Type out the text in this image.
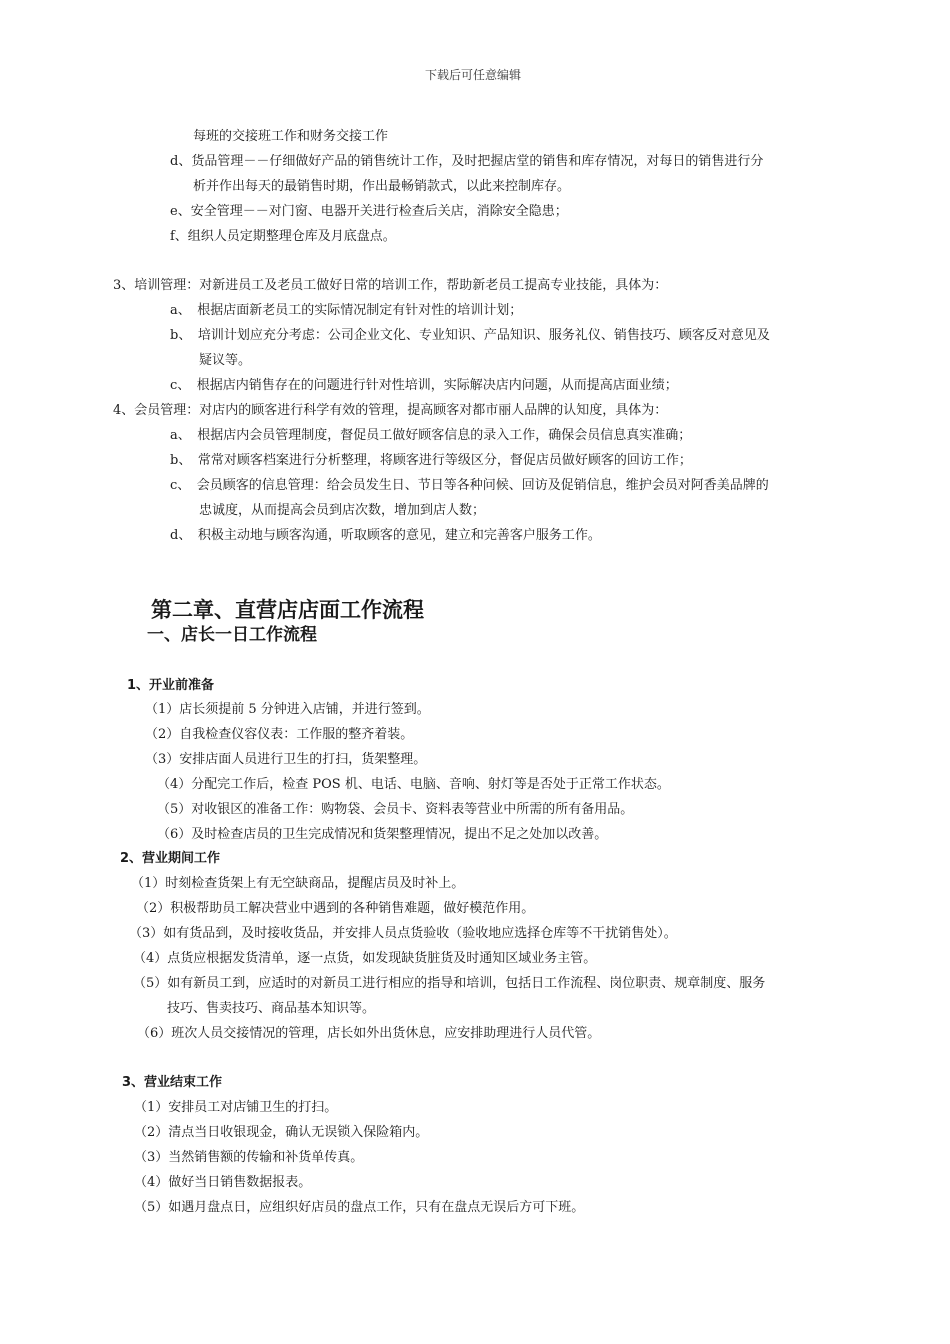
下载后可任意编辑
每班的交接班工作和财务交接工作
d、货品管理－－仔细做好产品的销售统计工作，及时把握店堂的销售和库存情况，对每日的销售进行分
析并作出每天的最销售时期，作出最畅销款式，以此来控制库存。
e、安全管理－－对门窗、电器开关进行检查后关店，消除安全隐患；
f、组织人员定期整理仓库及月底盘点。
3、培训管理：对新进员工及老员工做好日常的培训工作，帮助新老员工提高专业技能，具体为：
a、　根据店面新老员工的实际情况制定有针对性的培训计划；
b、　培训计划应充分考虑：公司企业文化、专业知识、产品知识、服务礼仪、销售技巧、顾客反对意见及
疑议等。
c、　根据店内销售存在的问题进行针对性培训，实际解决店内问题，从而提高店面业绩；
4、会员管理：对店内的顾客进行科学有效的管理，提高顾客对都市丽人品牌的认知度，具体为：
a、　根据店内会员管理制度，督促员工做好顾客信息的录入工作，确保会员信息真实准确；
b、　常常对顾客档案进行分析整理，将顾客进行等级区分，督促店员做好顾客的回访工作；
c、　会员顾客的信息管理：给会员发生日、节日等各种问候、回访及促销信息，维护会员对阿香美品牌的
忠诚度，从而提高会员到店次数，增加到店人数；
d、　积极主动地与顾客沟通，听取顾客的意见，建立和完善客户服务工作。
第二章、直营店店面工作流程
一、店长一日工作流程
1、开业前准备
（1）店长须提前 5 分钟进入店铺，并进行签到。
（2）自我检查仪容仪表：工作服的整齐着装。
（3）安排店面人员进行卫生的打扫，货架整理。
（4）分配完工作后，检查 POS 机、电话、电脑、音响、射灯等是否处于正常工作状态。
（5）对收银区的准备工作：购物袋、会员卡、资料表等营业中所需的所有备用品。
（6）及时检查店员的卫生完成情况和货架整理情况，提出不足之处加以改善。
2、营业期间工作
（1）时刻检查货架上有无空缺商品，提醒店员及时补上。
（2）积极帮助员工解决营业中遇到的各种销售难题，做好模范作用。
（3）如有货品到，及时接收货品，并安排人员点货验收（验收地应选择仓库等不干扰销售处）。
（4）点货应根据发货清单，逐一点货，如发现缺货脏货及时通知区域业务主管。
（5）如有新员工到，应适时的对新员工进行相应的指导和培训，包括日工作流程、岗位职责、规章制度、服务
技巧、售卖技巧、商品基本知识等。
（6）班次人员交接情况的管理，店长如外出货休息，应安排助理进行人员代管。
3、营业结束工作
（1）安排员工对店铺卫生的打扫。
（2）清点当日收银现金，确认无误锁入保险箱内。
（3）当然销售额的传输和补货单传真。
（4）做好当日销售数据报表。
（5）如遇月盘点日，应组织好店员的盘点工作，只有在盘点无误后方可下班。
